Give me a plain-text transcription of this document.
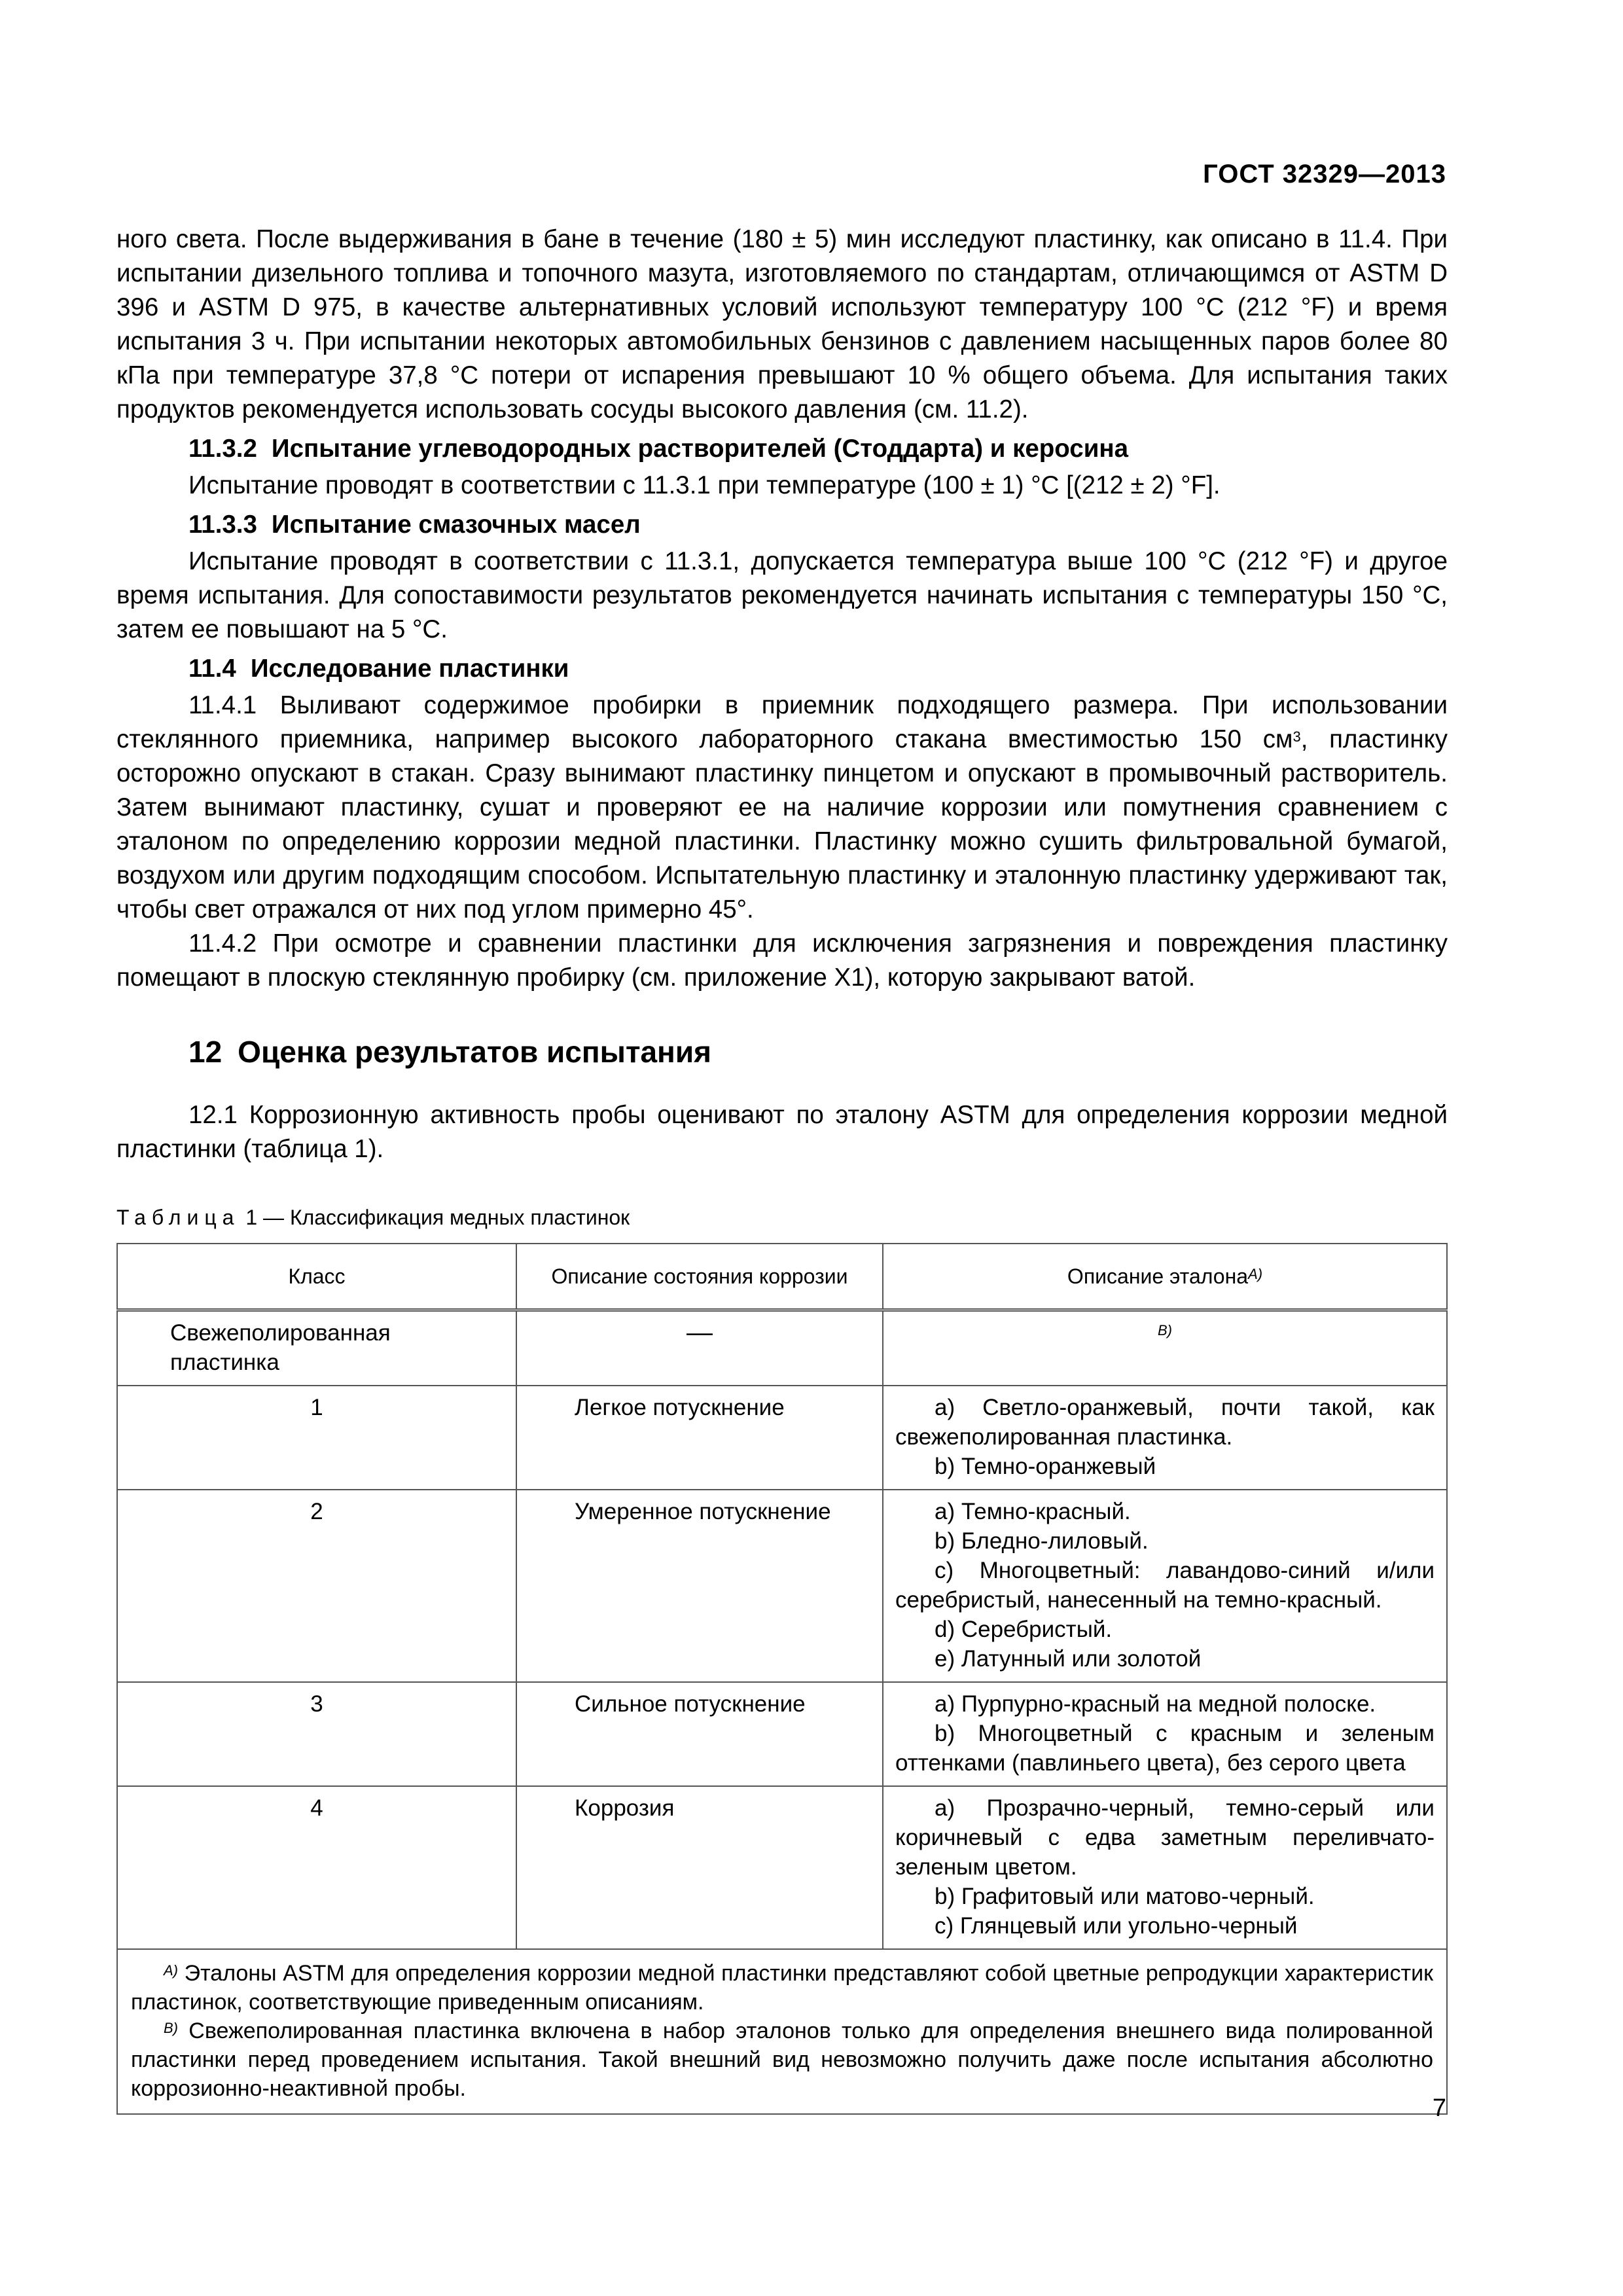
ГОСТ 32329—2013

ного света. После выдерживания в бане в течение (180 ± 5) мин исследуют пластинку, как описано в 11.4. При испытании дизельного топлива и топочного мазута, изготовляемого по стандартам, отличающимся от ASTM D 396 и ASTM D 975, в качестве альтернативных условий используют температуру 100 °С (212 °F) и время испытания 3 ч. При испытании некоторых автомобильных бензинов с давлением насыщенных паров более 80 кПа при температуре 37,8 °С потери от испарения превышают 10 % общего объема. Для испытания таких продуктов рекомендуется использовать сосуды высокого давления (см. 11.2).

11.3.2 Испытание углеводородных растворителей (Стоддарта) и керосина

Испытание проводят в соответствии с 11.3.1 при температуре (100 ± 1) °С [(212 ± 2) °F].

11.3.3 Испытание смазочных масел

Испытание проводят в соответствии с 11.3.1, допускается температура выше 100 °С (212 °F) и другое время испытания. Для сопоставимости результатов рекомендуется начинать испытания с температуры 150 °С, затем ее повышают на 5 °С.

11.4 Исследование пластинки

11.4.1 Выливают содержимое пробирки в приемник подходящего размера. При использовании стеклянного приемника, например высокого лабораторного стакана вместимостью 150 $см^3$, пластинку осторожно опускают в стакан. Сразу вынимают пластинку пинцетом и опускают в промывочный растворитель. Затем вынимают пластинку, сушат и проверяют ее на наличие коррозии или помутнения сравнением с эталоном по определению коррозии медной пластинки. Пластинку можно сушить фильтровальной бумагой, воздухом или другим подходящим способом. Испытательную пластинку и эталонную пластинку удерживают так, чтобы свет отражался от них под углом примерно 45°.

11.4.2 При осмотре и сравнении пластинки для исключения загрязнения и повреждения пластинку помещают в плоскую стеклянную пробирку (см. приложение X1), которую закрывают ватой.

12 Оценка результатов испытания

12.1 Коррозионную активность пробы оценивают по эталону ASTM для определения коррозии медной пластинки (таблица 1).

Таблица 1 — Классификация медных пластинок
Класс	Описание состояния коррозии	Описание эталона$^{A)}$
Свежеполированная пластинка	—	$^{B)}$
1	Легкое потускнение	a) Светло-оранжевый, почти такой, как свежеполированная пластинка.
b) Темно-оранжевый

2	Умеренное потускнение	a) Темно-красный.
b) Бледно-лиловый.
c) Многоцветный: лавандово-синий и/или серебристый, нанесенный на темно-красный.
d) Серебристый.
e) Латунный или золотой

3	Сильное потускнение	a) Пурпурно-красный на медной полоске.
b) Многоцветный с красным и зеленым оттенками (павлиньего цвета), без серого цвета

4	Коррозия	a) Прозрачно-черный, темно-серый или коричневый с едва заметным переливчато-зеленым цветом.
b) Графитовый или матово-черный.
c) Глянцевый или угольно-черный

$^{A)}$ Эталоны ASTM для определения коррозии медной пластинки представляют собой цветные репродукции характеристик пластинок, соответствующие приведенным описаниям.
$^{B)}$ Свежеполированная пластинка включена в набор эталонов только для определения внешнего вида полированной пластинки перед проведением испытания. Такой внешний вид невозможно получить даже после испытания абсолютно коррозионно-неактивной пробы.		
7
